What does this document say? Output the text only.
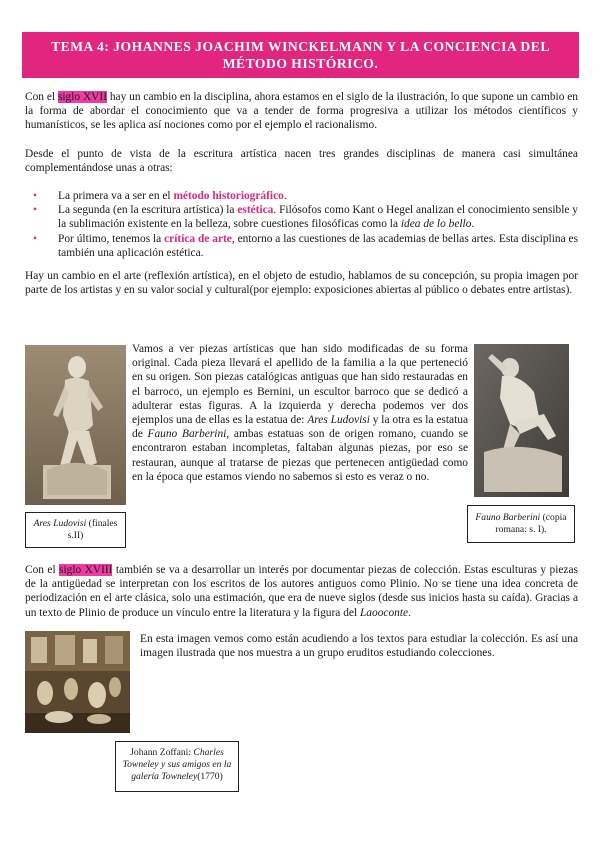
TEMA 4: JOHANNES JOACHIM WINCKELMANN Y LA CONCIENCIA DEL
MÉTODO HISTÓRICO.
Con el siglo XVII hay un cambio en la disciplina, ahora estamos en el siglo de la ilustración, lo que supone un cambio en la forma de abordar el conocimiento que va a tender de forma progresiva a utilizar los métodos científicos y humanísticos, se les aplica así nociones como por el ejemplo el racionalismo.
Desde el punto de vista de la escritura artística nacen tres grandes disciplinas de manera casi simultánea complementándose unas a otras:
• La primera va a ser en el método historiográfico.
• La segunda (en la escritura artística) la estética. Filósofos como Kant o Hegel analizan el conocimiento sensible y la sublimación existente en la belleza, sobre cuestiones filosóficas como la idea de lo bello.
• Por último, tenemos la crítica de arte, entorno a las cuestiones de las academias de bellas artes. Esta disciplina es también una aplicación estética.
Hay un cambio en el arte (reflexión artística), en el objeto de estudio, hablamos de su concepción, su propia imagen por parte de los artistas y en su valor social y cultural(por ejemplo: exposiciones abiertas al público o debates entre artistas).
Ares Ludovisi (finales s.II)
Vamos a ver piezas artísticas que han sido modificadas de su forma original. Cada pieza llevará el apellido de la familia a la que perteneció en su origen. Son piezas catalógicas antiguas que han sido restauradas en el barroco, un ejemplo es Bernini, un escultor barroco que se dedicó a adulterar estas figuras. A la izquierda y derecha podemos ver dos ejemplos una de ellas es la estatua de: Ares Ludovisi y la otra es la estatua de Fauno Barberini, ambas estatuas son de origen romano, cuando se encontraron estaban incompletas, faltaban algunas piezas, por eso se restauran, aunque al tratarse de piezas que pertenecen antigüedad como en la época que estamos viendo no sabemos si esto es veraz o no.
Fauno Barberini (copia romana: s. I).
Con el siglo XVIII también se va a desarrollar un interés por documentar piezas de colección. Estas esculturas y piezas de la antigüedad se interpretan con los escritos de los autores antiguos como Plinio. No se tiene una idea concreta de periodización en el arte clásica, solo una estimación, que era de nueve siglos (desde sus inicios hasta su caída). Gracias a un texto de Plinio de produce un vínculo entre la literatura y la figura del Laooconte.
En esta imagen vemos como están acudiendo a los textos para estudiar la colección. Es así una imagen ilustrada que nos muestra a un grupo eruditos estudiando colecciones.
Johann Zoffani: Charles Towneley y sus amigos en la galería Towneley(1770)
